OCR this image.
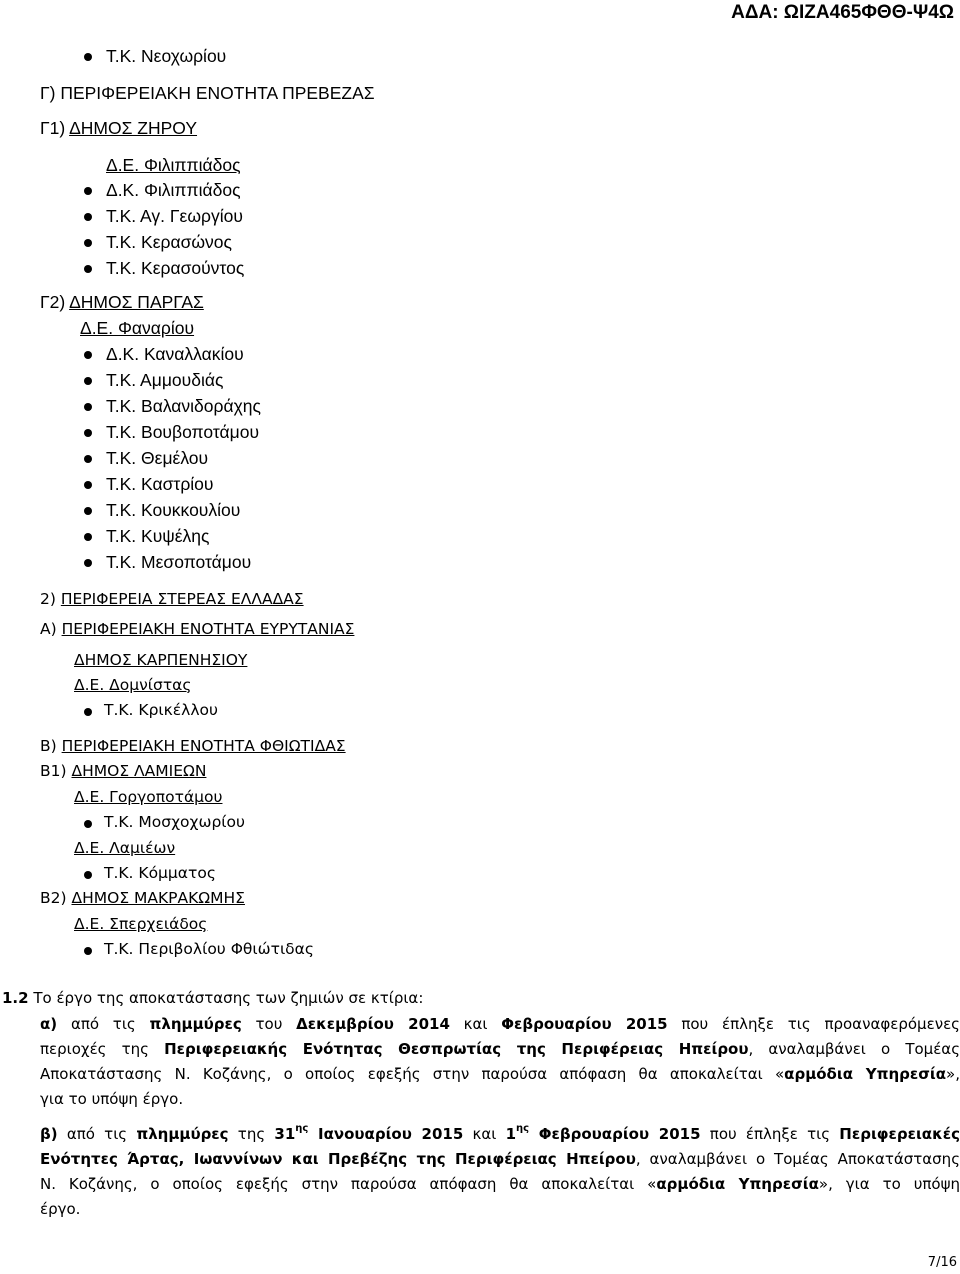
ΑΔΑ: ΩΙΖΑ465ΦΘΘ-Ψ4Ω
Τ.Κ. Νεοχωρίου
Γ) ΠΕΡΙΦΕΡΕΙΑΚΗ ΕΝΟΤΗΤΑ ΠΡΕΒΕΖΑΣ
Γ1) ΔΗΜΟΣ ΖΗΡΟΥ
Δ.Ε. Φιλιππιάδος
Δ.Κ. Φιλιππιάδος
Τ.Κ. Αγ. Γεωργίου
Τ.Κ. Κερασώνος
Τ.Κ. Κερασούντος
Γ2) ΔΗΜΟΣ ΠΑΡΓΑΣ
Δ.Ε. Φαναρίου
Δ.Κ. Καναλλακίου
Τ.Κ. Αμμουδιάς
Τ.Κ. Βαλανιδοράχης
Τ.Κ. Βουβοποτάμου
Τ.Κ. Θεμέλου
Τ.Κ. Καστρίου
Τ.Κ. Κουκκουλίου
Τ.Κ. Κυψέλης
Τ.Κ. Μεσοποτάμου
2) ΠΕΡΙΦΕΡΕΙΑ ΣΤΕΡΕΑΣ ΕΛΛΑΔΑΣ
Α) ΠΕΡΙΦΕΡΕΙΑΚΗ ΕΝΟΤΗΤΑ ΕΥΡΥΤΑΝΙΑΣ
ΔΗΜΟΣ ΚΑΡΠΕΝΗΣΙΟΥ
Δ.Ε. Δομνίστας
Τ.Κ. Κρικέλλου
Β) ΠΕΡΙΦΕΡΕΙΑΚΗ ΕΝΟΤΗΤΑ ΦΘΙΩΤΙΔΑΣ
Β1) ΔΗΜΟΣ ΛΑΜΙΕΩΝ
Δ.Ε. Γοργοποτάμου
Τ.Κ. Μοσχοχωρίου
Δ.Ε. Λαμιέων
Τ.Κ. Κόμματος
Β2) ΔΗΜΟΣ ΜΑΚΡΑΚΩΜΗΣ
Δ.Ε. Σπερχειάδος
Τ.Κ. Περιβολίου Φθιώτιδας
1.2 Το έργο της αποκατάστασης των ζημιών σε κτίρια:
α) από τις πλημμύρες του Δεκεμβρίου 2014 και Φεβρουαρίου 2015 που έπληξε τις προαναφερόμενες
περιοχές της Περιφερειακής Ενότητας Θεσπρωτίας της Περιφέρειας Ηπείρου, αναλαμβάνει ο Τομέας
Αποκατάστασης Ν. Κοζάνης, ο οποίος εφεξής στην παρούσα απόφαση θα αποκαλείται «αρμόδια Υπηρεσία»,
για το υπόψη έργο.
β) από τις πλημμύρες της $31^{\eta\varsigma}$ Ιανουαρίου 2015 και $1^{\eta\varsigma}$ Φεβρουαρίου 2015 που έπληξε τις Περιφερειακές
Ενότητες Άρτας, Ιωαννίνων και Πρεβέζης της Περιφέρειας Ηπείρου, αναλαμβάνει ο Τομέας Αποκατάστασης
Ν. Κοζάνης, ο οποίος εφεξής στην παρούσα απόφαση θα αποκαλείται «αρμόδια Υπηρεσία», για το υπόψη
έργο.
7/16
